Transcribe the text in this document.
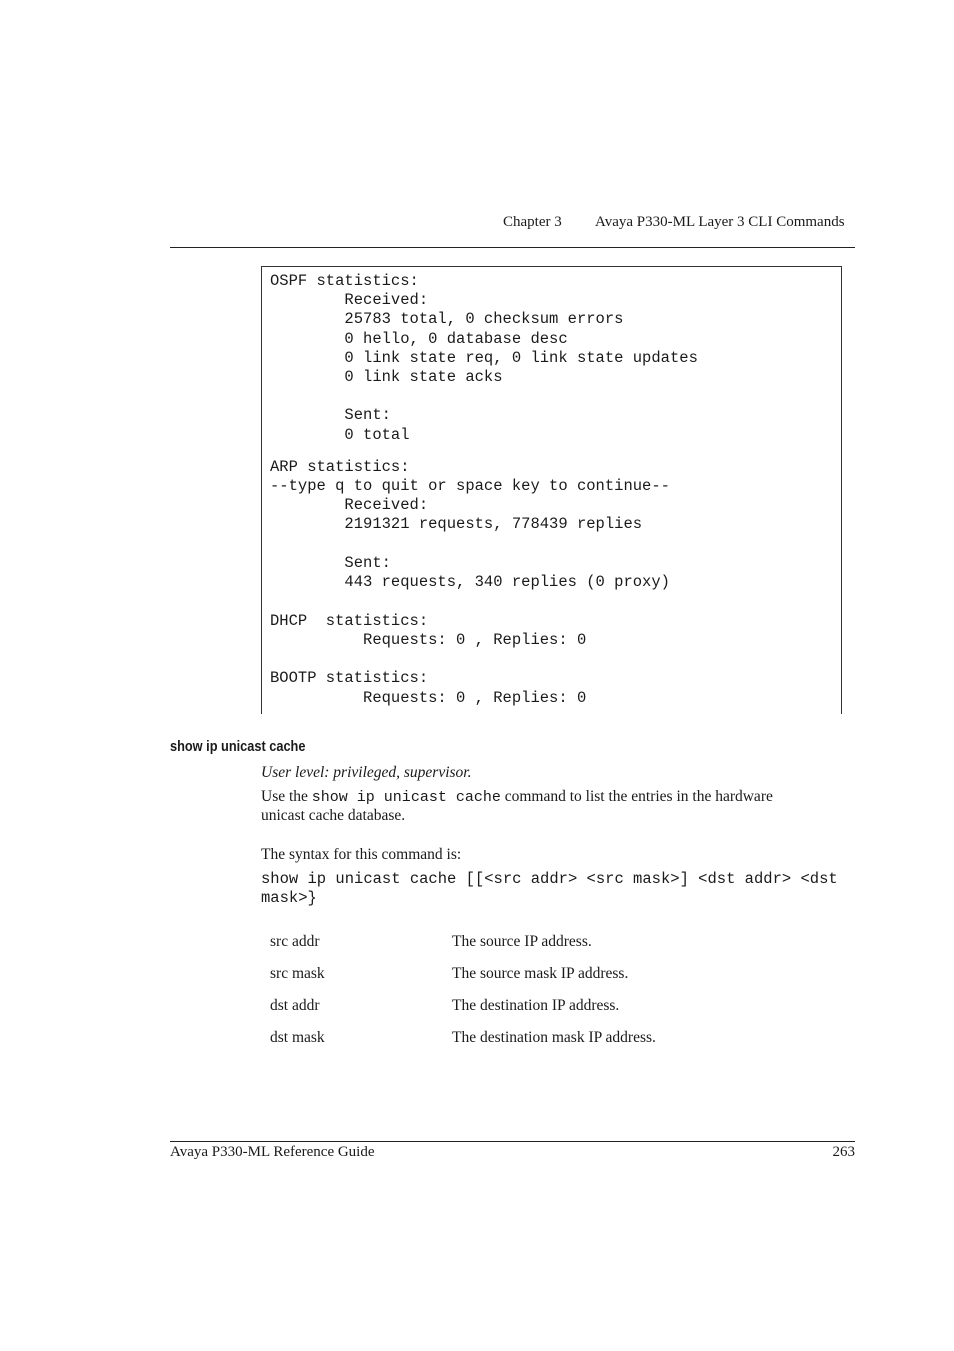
Chapter 3 Avaya P330-ML Layer 3 CLI Commands
OSPF statistics:
Received:
25783 total, 0 checksum errors
0 hello, 0 database desc
0 link state req, 0 link state updates
0 link state acks
Sent:
0 total
ARP statistics:
--type q to quit or space key to continue--
Received:
2191321 requests, 778439 replies
Sent:
443 requests, 340 replies (0 proxy)
DHCP  statistics:
Requests: 0 , Replies: 0
BOOTP statistics:
Requests: 0 , Replies: 0
show ip unicast cache
User level: privileged, supervisor.
Use the show ip unicast cache command to list the entries in the hardware
unicast cache database.
The syntax for this command is:
show ip unicast cache [[<src addr> <src mask>] <dst addr> <dst
mask>}
src addr	The source IP address.
src mask	The source mask IP address.
dst addr	The destination IP address.
dst mask	The destination mask IP address.
Avaya P330-ML Reference Guide	263
